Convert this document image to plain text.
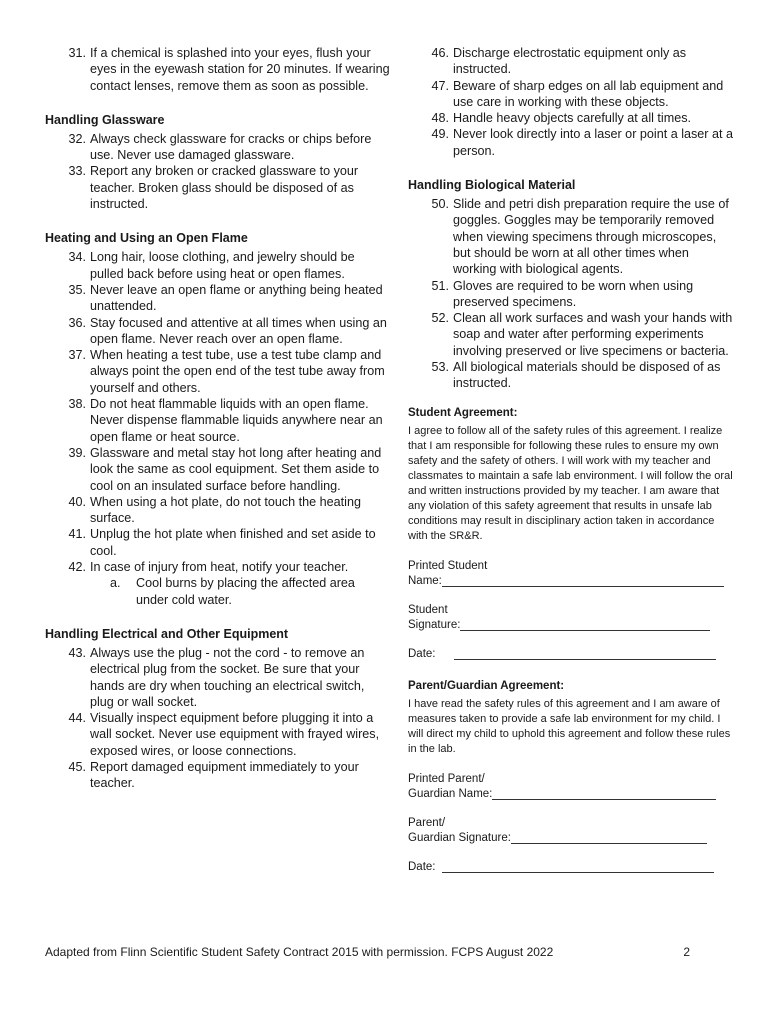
31. If a chemical is splashed into your eyes, flush your eyes in the eyewash station for 20 minutes. If wearing contact lenses, remove them as soon as possible.
Handling Glassware
32. Always check glassware for cracks or chips before use. Never use damaged glassware.
33. Report any broken or cracked glassware to your teacher. Broken glass should be disposed of as instructed.
Heating and Using an Open Flame
34. Long hair, loose clothing, and jewelry should be pulled back before using heat or open flames.
35. Never leave an open flame or anything being heated unattended.
36. Stay focused and attentive at all times when using an open flame. Never reach over an open flame.
37. When heating a test tube, use a test tube clamp and always point the open end of the test tube away from yourself and others.
38. Do not heat flammable liquids with an open flame. Never dispense flammable liquids anywhere near an open flame or heat source.
39. Glassware and metal stay hot long after heating and look the same as cool equipment. Set them aside to cool on an insulated surface before handling.
40. When using a hot plate, do not touch the heating surface.
41. Unplug the hot plate when finished and set aside to cool.
42. In case of injury from heat, notify your teacher.
a.	Cool burns by placing the affected area under cold water.
Handling Electrical and Other Equipment
43. Always use the plug - not the cord - to remove an electrical plug from the socket. Be sure that your hands are dry when touching an electrical switch, plug or wall socket.
44. Visually inspect equipment before plugging it into a wall socket. Never use equipment with frayed wires, exposed wires, or loose connections.
45. Report damaged equipment immediately to your teacher.
46. Discharge electrostatic equipment only as instructed.
47. Beware of sharp edges on all lab equipment and use care in working with these objects.
48. Handle heavy objects carefully at all times.
49. Never look directly into a laser or point a laser at a person.
Handling Biological Material
50. Slide and petri dish preparation require the use of goggles. Goggles may be temporarily removed when viewing specimens through microscopes, but should be worn at all other times when working with biological agents.
51. Gloves are required to be worn when using preserved specimens.
52. Clean all work surfaces and wash your hands with soap and water after performing experiments involving preserved or live specimens or bacteria.
53. All biological materials should be disposed of as instructed.
Student Agreement:

I agree to follow all of the safety rules of this agreement. I realize that I am responsible for following these rules to ensure my own safety and the safety of others. I will work with my teacher and classmates to maintain a safe lab environment. I will follow the oral and written instructions provided by my teacher. I am aware that any violation of this safety agreement that results in unsafe lab conditions may result in disciplinary action taken in accordance with the SR&R.

Printed Student
Name:

Student
Signature:

Date:

Parent/Guardian Agreement:

I have read the safety rules of this agreement and I am aware of measures taken to provide a safe lab environment for my child. I will direct my child to uphold this agreement and follow these rules in the lab.

Printed Parent/
Guardian Name:

Parent/
Guardian Signature:

Date:

Adapted from Flinn Scientific Student Safety Contract 2015 with permission. FCPS August 2022	2
